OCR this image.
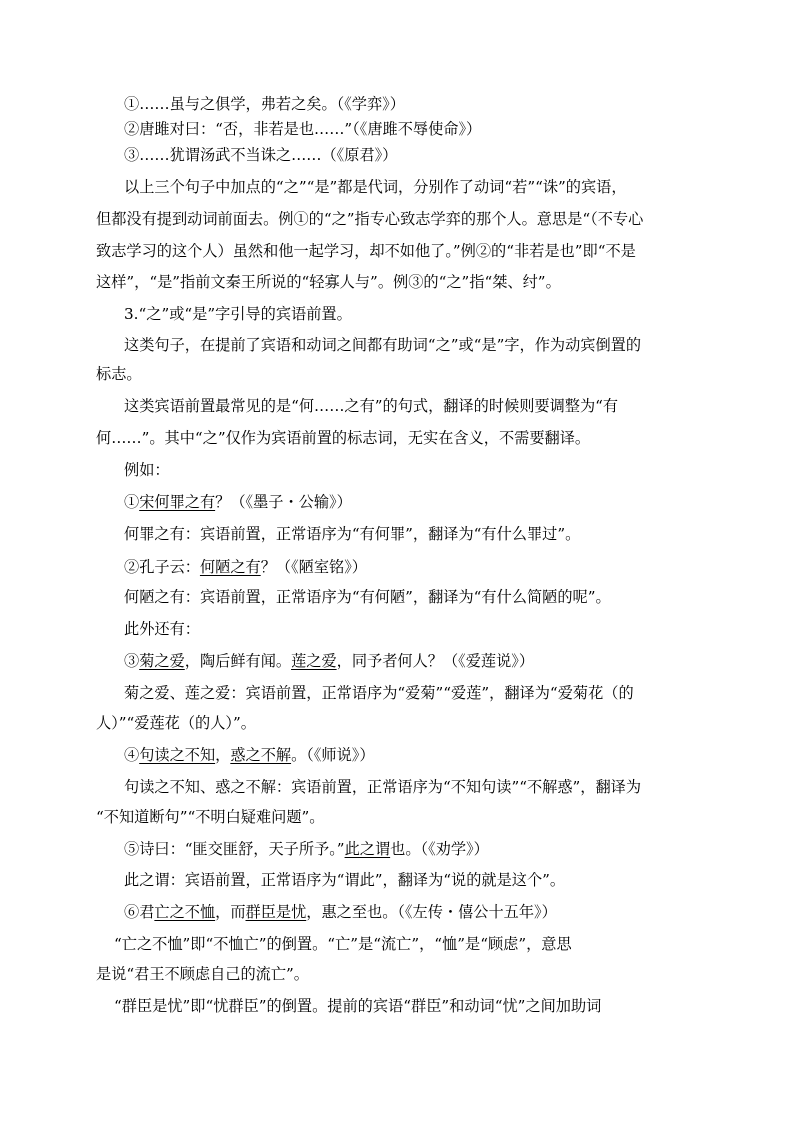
①……虽与之俱学，弗若之矣。（《学弈》）
②唐雎对曰：“否，非若是也……”（《唐雎不辱使命》）
③……犹谓汤武不当诛之……（《原君》）
以上三个句子中加点的“之”“是”都是代词，分别作了动词“若”“诛”的宾语，
但都没有提到动词前面去。例①的“之”指专心致志学弈的那个人。意思是“（不专心
致志学习的这个人）虽然和他一起学习，却不如他了。”例②的“非若是也”即“不是
这样”，“是”指前文秦王所说的“轻寡人与”。例③的“之”指“桀、纣”。
3.“之”或“是”字引导的宾语前置。
这类句子，在提前了宾语和动词之间都有助词“之”或“是”字，作为动宾倒置的
标志。
这类宾语前置最常见的是“何……之有”的句式，翻译的时候则要调整为“有
何……”。其中“之”仅作为宾语前置的标志词，无实在含义，不需要翻译。
例如：
①宋何罪之有？（《墨子・公输》）
何罪之有：宾语前置，正常语序为“有何罪”，翻译为“有什么罪过”。
②孔子云：何陋之有？（《陋室铭》）
何陋之有：宾语前置，正常语序为“有何陋”，翻译为“有什么简陋的呢”。
此外还有：
③菊之爱，陶后鲜有闻。莲之爱，同予者何人？（《爱莲说》）
菊之爱、莲之爱：宾语前置，正常语序为“爱菊”“爱莲”，翻译为“爱菊花（的
人）”“爱莲花（的人）”。
④句读之不知，惑之不解。（《师说》）
句读之不知、惑之不解：宾语前置，正常语序为“不知句读”“不解惑”，翻译为
“不知道断句”“不明白疑难问题”。
⑤诗曰：“匪交匪舒，天子所予。”此之谓也。（《劝学》）
此之谓：宾语前置，正常语序为“谓此”，翻译为“说的就是这个”。
⑥君亡之不恤，而群臣是忧，惠之至也。（《左传・僖公十五年》）
“亡之不恤”即“不恤亡”的倒置。“亡”是“流亡”，“恤”是“顾虑”，意思
是说“君王不顾虑自己的流亡”。
“群臣是忧”即“忧群臣”的倒置。提前的宾语“群臣”和动词“忧”之间加助词
